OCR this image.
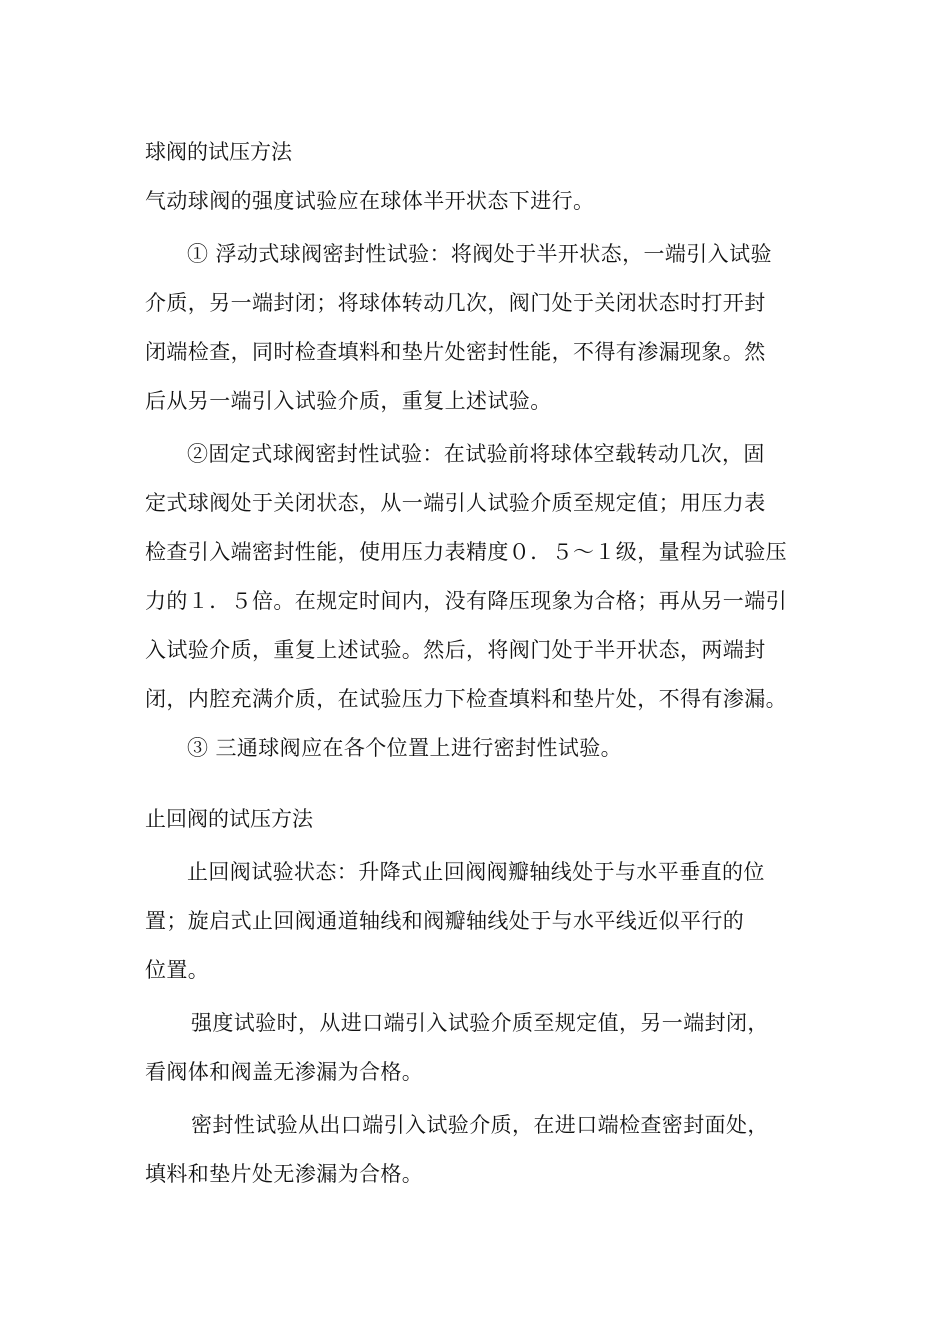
球阀的试压方法
气动球阀的强度试验应在球体半开状态下进行。
① 浮动式球阀密封性试验：将阀处于半开状态，一端引入试验
介质，另一端封闭；将球体转动几次，阀门处于关闭状态时打开封
闭端检查，同时检查填料和垫片处密封性能，不得有渗漏现象。然
后从另一端引入试验介质，重复上述试验。
②固定式球阀密封性试验：在试验前将球体空载转动几次，固
定式球阀处于关闭状态，从一端引人试验介质至规定值；用压力表
检查引入端密封性能，使用压力表精度０．５～１级，量程为试验压
力的１．５倍。在规定时间内，没有降压现象为合格；再从另一端引
入试验介质，重复上述试验。然后，将阀门处于半开状态，两端封
闭，内腔充满介质，在试验压力下检查填料和垫片处，不得有渗漏。
③ 三通球阀应在各个位置上进行密封性试验。
止回阀的试压方法
止回阀试验状态：升降式止回阀阀瓣轴线处于与水平垂直的位
置；旋启式止回阀通道轴线和阀瓣轴线处于与水平线近似平行的
位置。
强度试验时，从进口端引入试验介质至规定值，另一端封闭，
看阀体和阀盖无渗漏为合格。
密封性试验从出口端引入试验介质，在进口端检查密封面处，
填料和垫片处无渗漏为合格。
